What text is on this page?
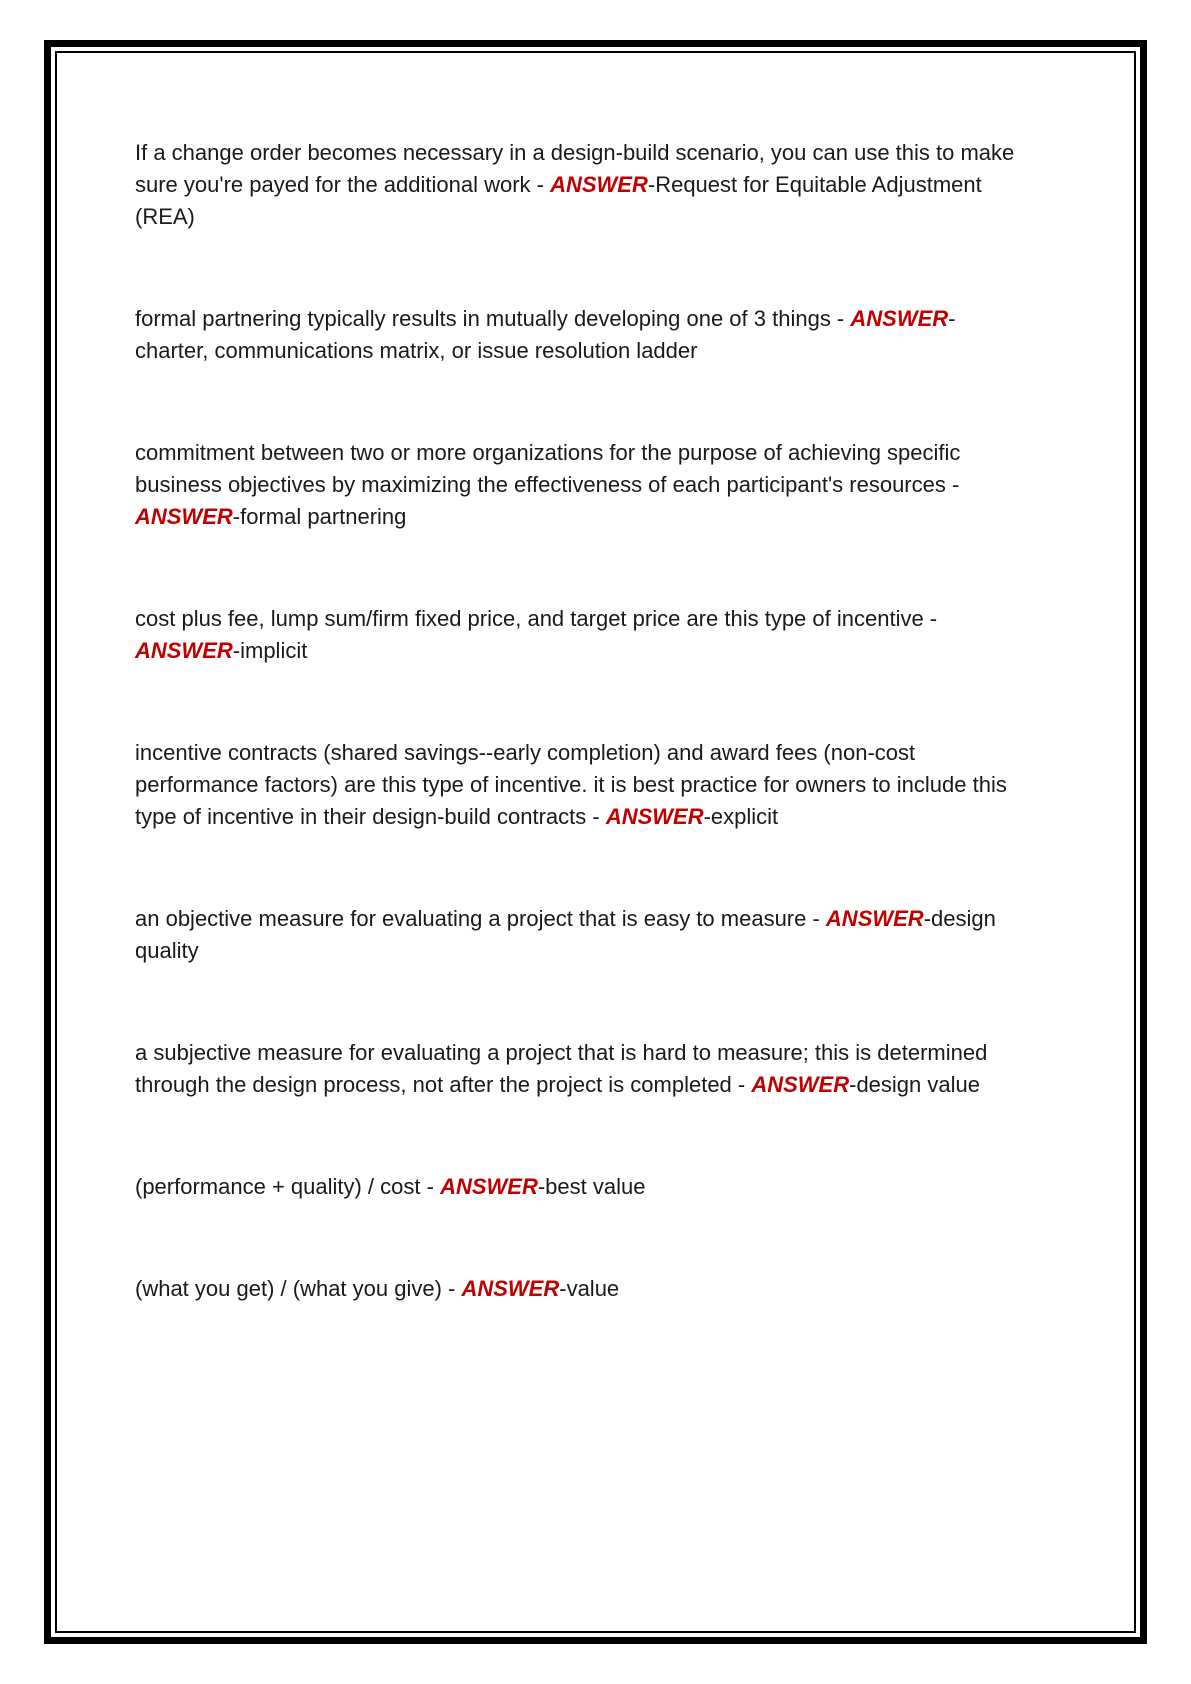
If a change order becomes necessary in a design-build scenario, you can use this to make sure you're payed for the additional work - ANSWER-Request for Equitable Adjustment (REA)

formal partnering typically results in mutually developing one of 3 things - ANSWER-charter, communications matrix, or issue resolution ladder

commitment between two or more organizations for the purpose of achieving specific business objectives by maximizing the effectiveness of each participant's resources - ANSWER-formal partnering

cost plus fee, lump sum/firm fixed price, and target price are this type of incentive - ANSWER-implicit

incentive contracts (shared savings--early completion) and award fees (non-cost performance factors) are this type of incentive. it is best practice for owners to include this type of incentive in their design-build contracts - ANSWER-explicit

an objective measure for evaluating a project that is easy to measure - ANSWER-design quality

a subjective measure for evaluating a project that is hard to measure; this is determined through the design process, not after the project is completed - ANSWER-design value

(performance + quality) / cost - ANSWER-best value

(what you get) / (what you give) - ANSWER-value
